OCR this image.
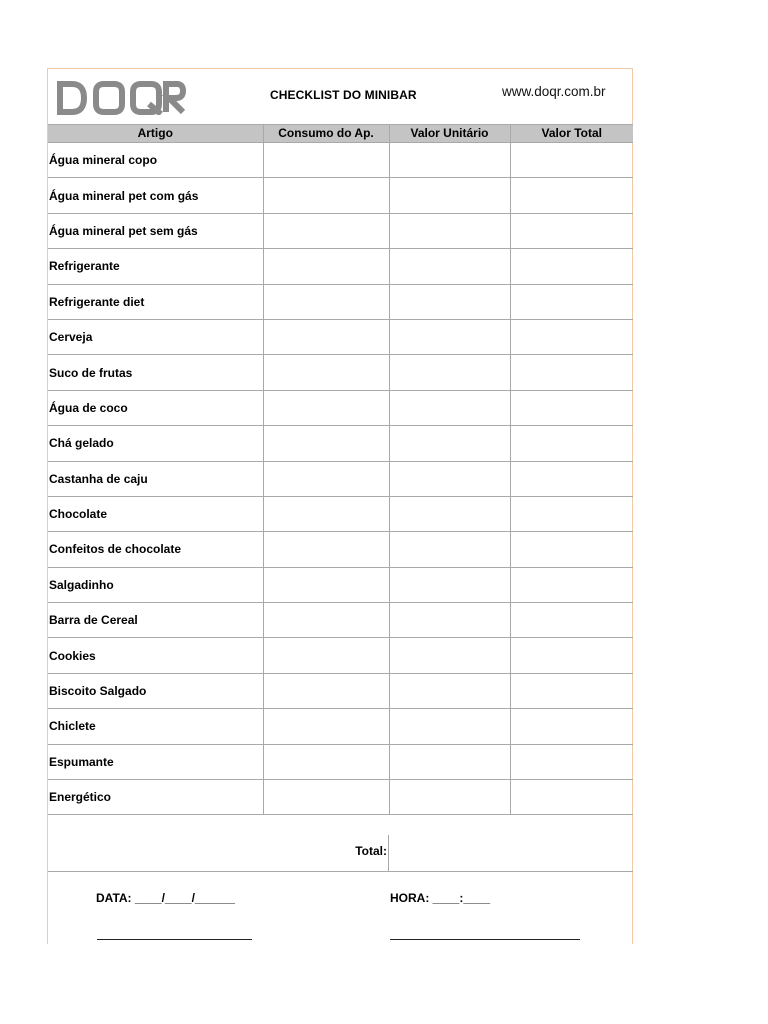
CHECKLIST DO MINIBAR	www.doqr.com.br
Artigo	Consumo do Ap.	Valor Unitário	Valor Total
Água mineral copo			
Água mineral pet com gás			
Água mineral pet sem gás			
Refrigerante			
Refrigerante diet			
Cerveja			
Suco de frutas			
Água de coco			
Chá gelado			
Castanha de caju			
Chocolate			
Confeitos de chocolate			
Salgadinho			
Barra de Cereal			
Cookies			
Biscoito Salgado			
Chiclete			
Espumante			
Energético			
Total:
DATA: ____/____/______	HORA: ____:____
